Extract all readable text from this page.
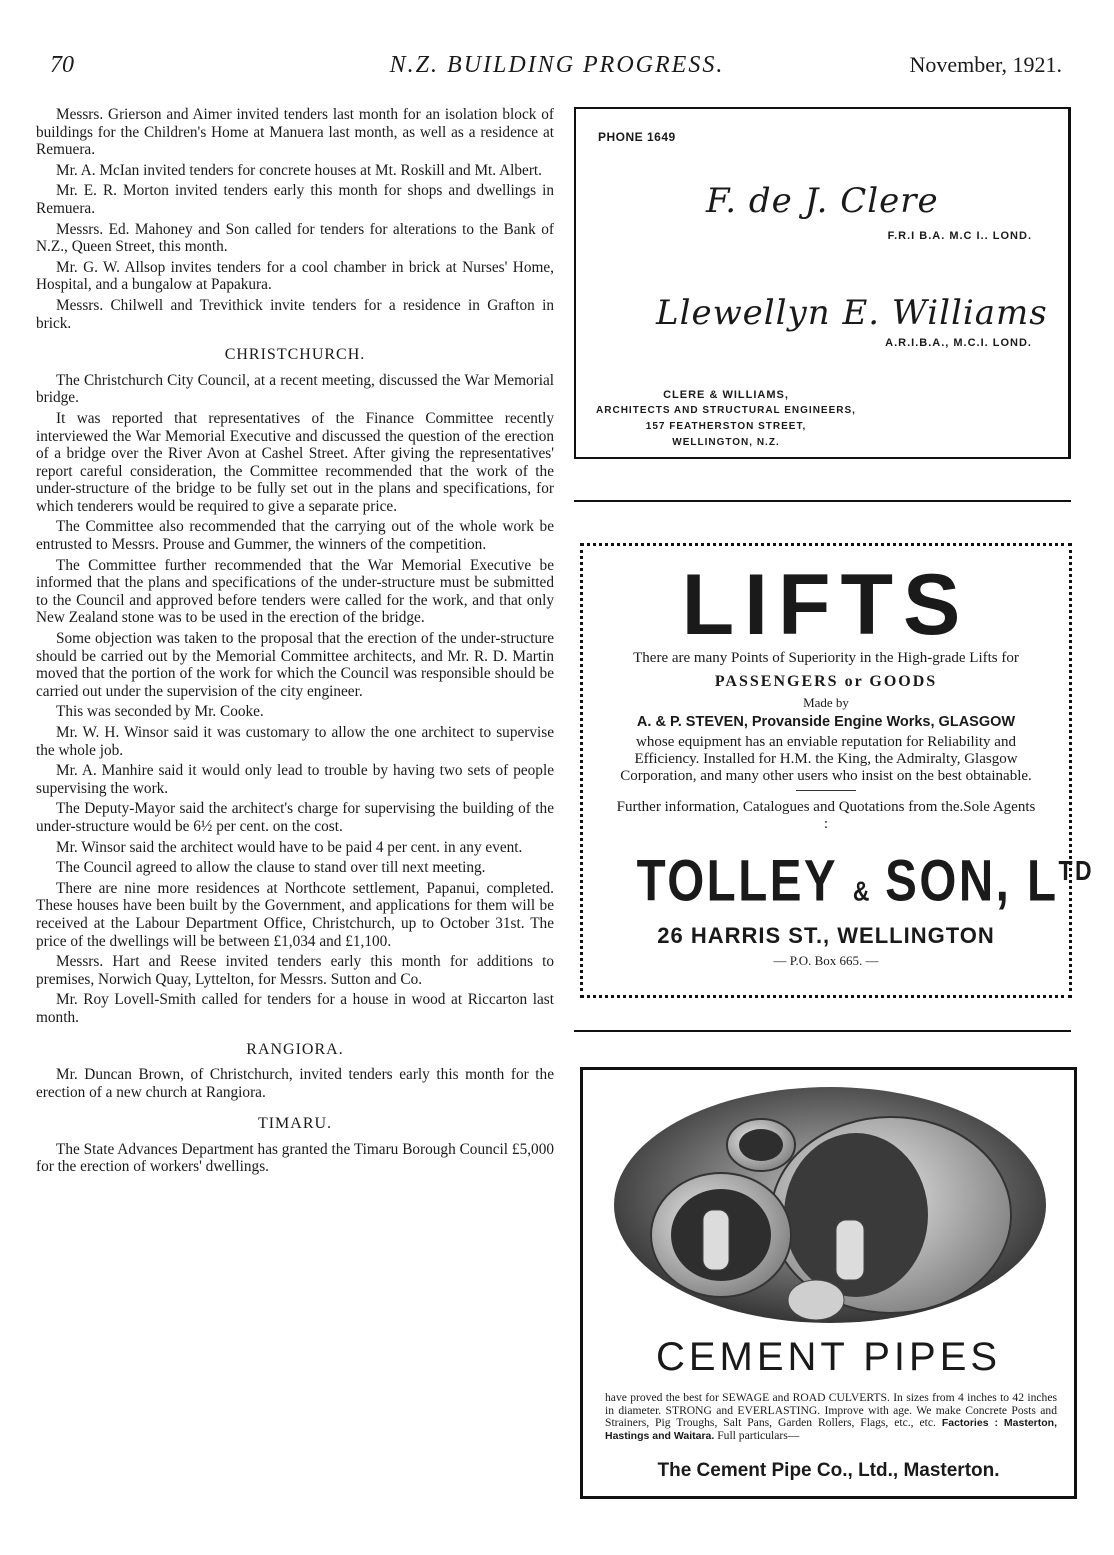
70	N.Z. BUILDING PROGRESS.	November, 1921.

Messrs. Grierson and Aimer invited tenders last month for an isolation block of buildings for the Children's Home at Manuera last month, as well as a residence at Remuera.

Mr. A. McIan invited tenders for concrete houses at Mt. Roskill and Mt. Albert.

Mr. E. R. Morton invited tenders early this month for shops and dwellings in Remuera.

Messrs. Ed. Mahoney and Son called for tenders for alterations to the Bank of N.Z., Queen Street, this month.

Mr. G. W. Allsop invites tenders for a cool chamber in brick at Nurses' Home, Hospital, and a bungalow at Papakura.

Messrs. Chilwell and Trevithick invite tenders for a residence in Grafton in brick.

CHRISTCHURCH.

The Christchurch City Council, at a recent meeting, discussed the War Memorial bridge.

It was reported that representatives of the Finance Committee recently interviewed the War Memorial Executive and discussed the question of the erection of a bridge over the River Avon at Cashel Street. After giving the representatives' report careful consideration, the Committee recommended that the work of the under-structure of the bridge to be fully set out in the plans and specifications, for which tenderers would be required to give a separate price.

The Committee also recommended that the carrying out of the whole work be entrusted to Messrs. Prouse and Gummer, the winners of the competition.

The Committee further recommended that the War Memorial Executive be informed that the plans and specifications of the under-structure must be submitted to the Council and approved before tenders were called for the work, and that only New Zealand stone was to be used in the erection of the bridge.

Some objection was taken to the proposal that the erection of the under-structure should be carried out by the Memorial Committee architects, and Mr. R. D. Martin moved that the portion of the work for which the Council was responsible should be carried out under the supervision of the city engineer.

This was seconded by Mr. Cooke.

Mr. W. H. Winsor said it was customary to allow the one architect to supervise the whole job.

Mr. A. Manhire said it would only lead to trouble by having two sets of people supervising the work.

The Deputy-Mayor said the architect's charge for supervising the building of the under-structure would be 6½ per cent. on the cost.

Mr. Winsor said the architect would have to be paid 4 per cent. in any event.

The Council agreed to allow the clause to stand over till next meeting.

There are nine more residences at Northcote settlement, Papanui, completed. These houses have been built by the Government, and applications for them will be received at the Labour Department Office, Christchurch, up to October 31st. The price of the dwellings will be between £1,034 and £1,100.

Messrs. Hart and Reese invited tenders early this month for additions to premises, Norwich Quay, Lyttelton, for Messrs. Sutton and Co.

Mr. Roy Lovell-Smith called for tenders for a house in wood at Riccarton last month.

RANGIORA.

Mr. Duncan Brown, of Christchurch, invited tenders early this month for the erection of a new church at Rangiora.

TIMARU.

The State Advances Department has granted the Timaru Borough Council £5,000 for the erection of workers' dwellings.

PHONE 1649
F. de J. Clere
F.R.I B.A. M.C I.. LOND.
Llewellyn E. Williams
A.R.I.B.A., M.C.I. LOND.
CLERE & WILLIAMS,
ARCHITECTS AND STRUCTURAL ENGINEERS,
157 FEATHERSTON STREET,
WELLINGTON, N.Z.
LIFTS
There are many Points of Superiority in the High-grade Lifts for
PASSENGERS or GOODS
Made by
A. & P. STEVEN, Provanside Engine Works, GLASGOW
whose equipment has an enviable reputation for Reliability and Efficiency. Installed for H.M. the King, the Admiralty, Glasgow Corporation, and many other users who insist on the best obtainable.
Further information, Catalogues and Quotations from the.Sole Agents :
TOLLEY & SON, $L^{TD}$
26 HARRIS ST., WELLINGTON
— P.O. Box 665. —
CEMENT PIPES
have proved the best for SEWAGE and ROAD CULVERTS. In sizes from 4 inches to 42 inches in diameter. STRONG and EVERLASTING. Improve with age. We make Concrete Posts and Strainers, Pig Troughs, Salt Pans, Garden Rollers, Flags, etc., etc. Factories : Masterton, Hastings and Waitara. Full particulars—
The Cement Pipe Co., Ltd., Masterton.
